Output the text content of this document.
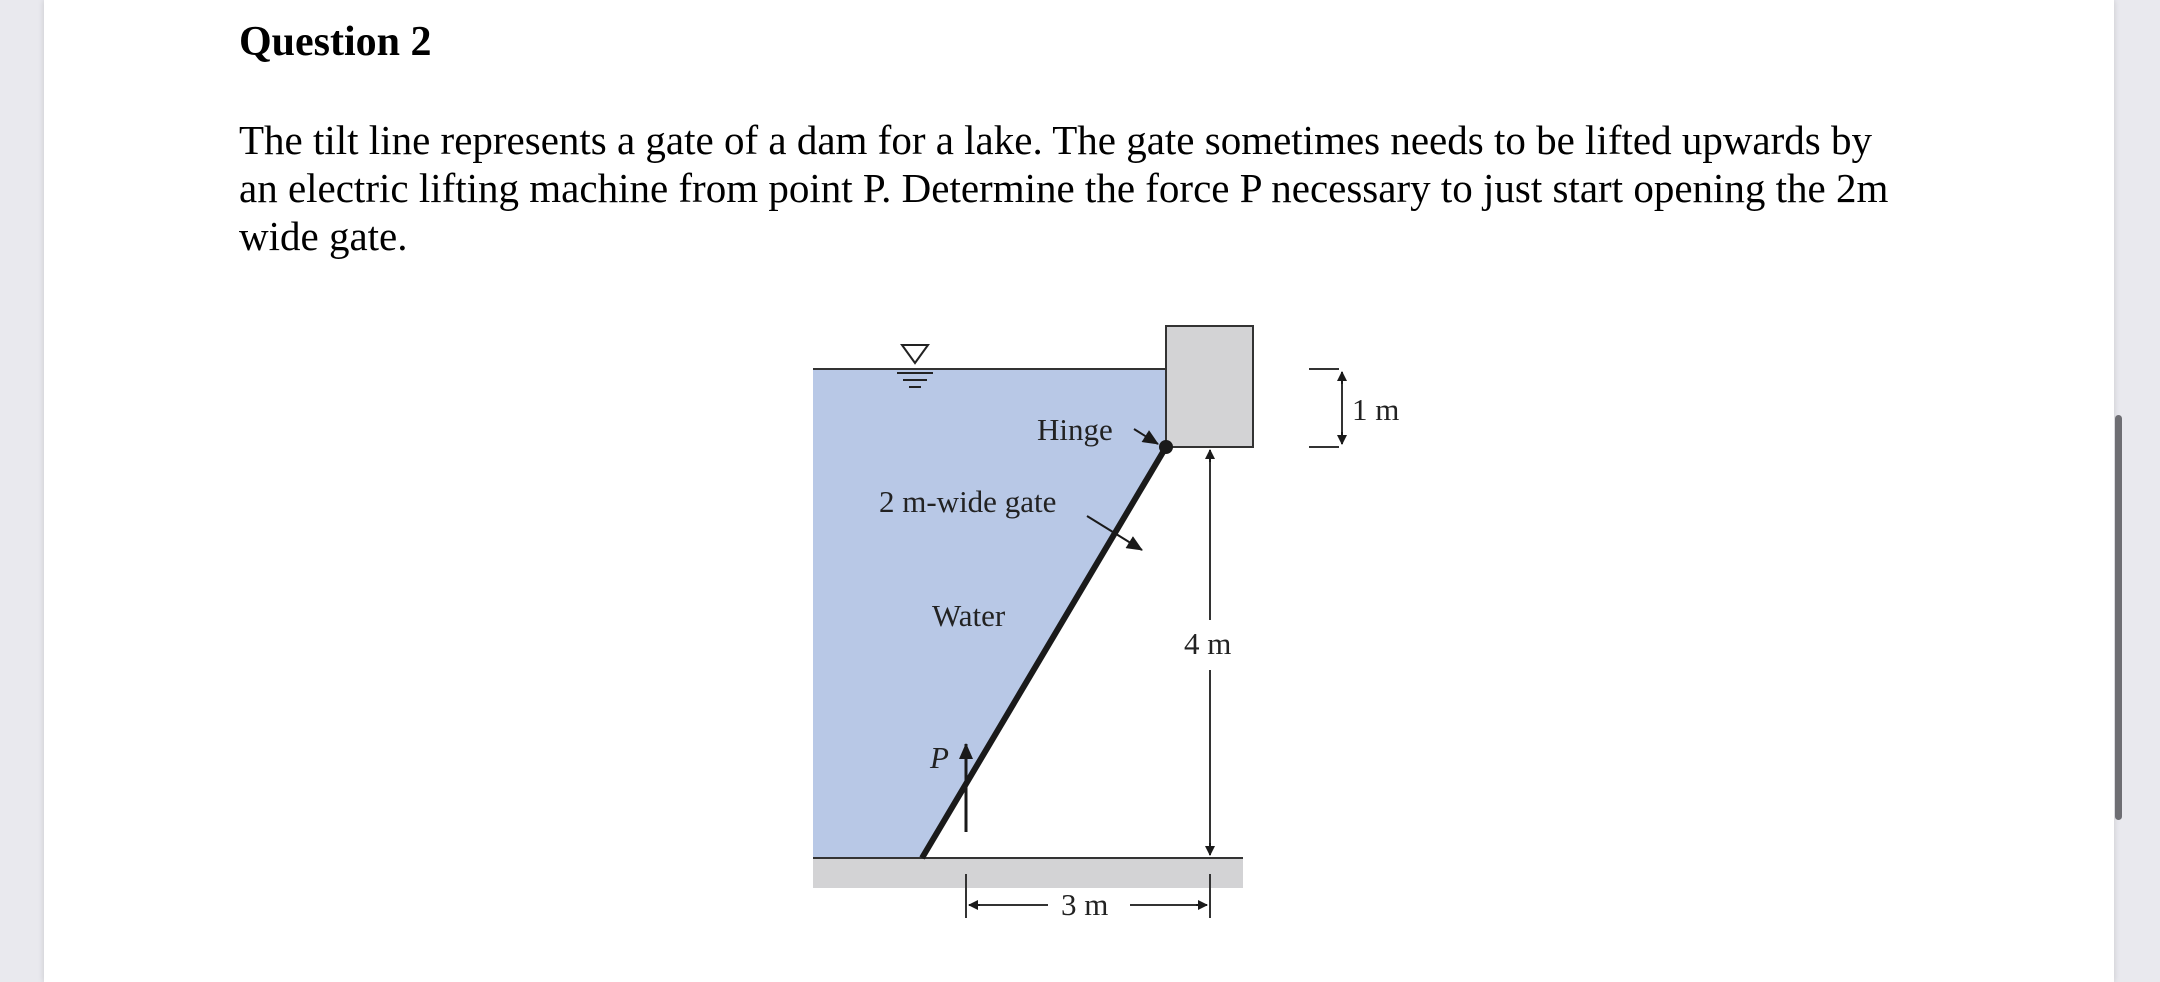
Question 2

The tilt line represents a gate of a dam for a lake. The gate sometimes needs to be lifted upwards by
an electric lifting machine from point P. Determine the force P necessary to just start opening the 2m
wide gate.

Hinge
2 m-wide gate
Water
P
1 m
4 m
3 m
